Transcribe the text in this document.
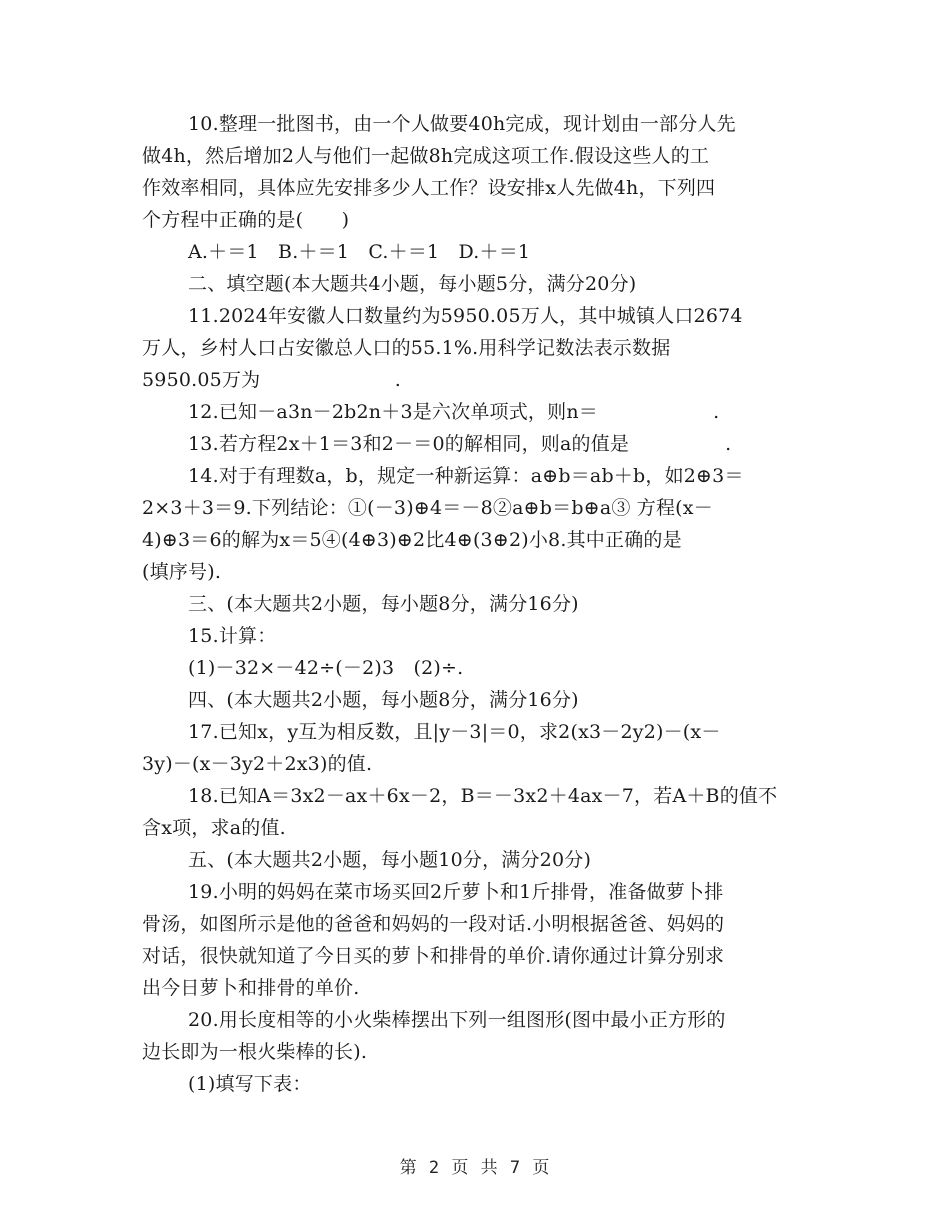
10.整理一批图书，由一个人做要40h完成，现计划由一部分人先
做4h，然后增加2人与他们一起做8h完成这项工作.假设这些人的工
作效率相同，具体应先安排多少人工作？设安排x人先做4h，下列四
个方程中正确的是(　　)
A.＋＝1　B.＋＝1　C.＋＝1　D.＋＝1
二、填空题(本大题共4小题，每小题5分，满分20分)
11.2024年安徽人口数量约为5950.05万人，其中城镇人口2674
万人，乡村人口占安徽总人口的55.1%.用科学记数法表示数据
5950.05万为　　　　　　　.
12.已知－a3n－2b2n＋3是六次单项式，则n＝　　　　　　.
13.若方程2x＋1＝3和2－＝0的解相同，则a的值是　　　　　.
14.对于有理数a，b，规定一种新运算：a⊕b＝ab＋b，如2⊕3＝
2×3＋3＝9.下列结论：①(－3)⊕4＝－8②a⊕b＝b⊕a③ 方程(x－
4)⊕3＝6的解为x＝5④(4⊕3)⊕2比4⊕(3⊕2)小8.其中正确的是
(填序号).
三、(本大题共2小题，每小题8分，满分16分)
15.计算：
(1)－32×－42÷(－2)3　(2)÷.
四、(本大题共2小题，每小题8分，满分16分)
17.已知x，y互为相反数，且|y－3|＝0，求2(x3－2y2)－(x－
3y)－(x－3y2＋2x3)的值.
18.已知A＝3x2－ax＋6x－2，B＝－3x2＋4ax－7，若A＋B的值不
含x项，求a的值.
五、(本大题共2小题，每小题10分，满分20分)
19.小明的妈妈在菜市场买回2斤萝卜和1斤排骨，准备做萝卜排
骨汤，如图所示是他的爸爸和妈妈的一段对话.小明根据爸爸、妈妈的
对话，很快就知道了今日买的萝卜和排骨的单价.请你通过计算分别求
出今日萝卜和排骨的单价.
20.用长度相等的小火柴棒摆出下列一组图形(图中最小正方形的
边长即为一根火柴棒的长).
(1)填写下表：
第 2 页 共 7 页
